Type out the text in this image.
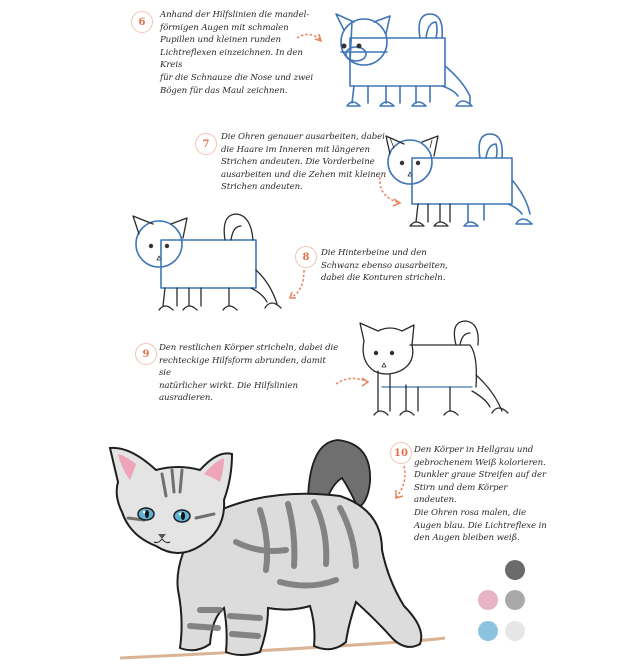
6
Anhand der Hilfslinien die mandel-
förmigen Augen mit schmalen
Pupillen und kleinen runden
Lichtreflexen einzeichnen. In den Kreis
für die Schnauze die Nose und zwei
Bögen für das Maul zeichnen.
7
Die Ohren genauer ausarbeiten, dabei
die Haare im Inneren mit längeren
Strichen andeuten. Die Vorderbeine
ausarbeiten und die Zehen mit kleinen
Strichen andeuten.
8	Die Hinterbeine und den
Schwanz ebenso ausarbeiten,
dabei die Konturen stricheln.
9
Den restlichen Körper stricheln, dabei die
rechteckige Hilfsform abrunden, damit sie
natürlicher wirkt. Die Hilfslinien ausradieren.
10 Den Körper in Hellgrau und
gebrochenem Weiß kolorieren.
Dunkler graue Streifen auf der
Stirn und dem Körper andeuten.
Die Ohren rosa malen, die
Augen blau. Die Lichtreflexe in
den Augen bleiben weiß.
